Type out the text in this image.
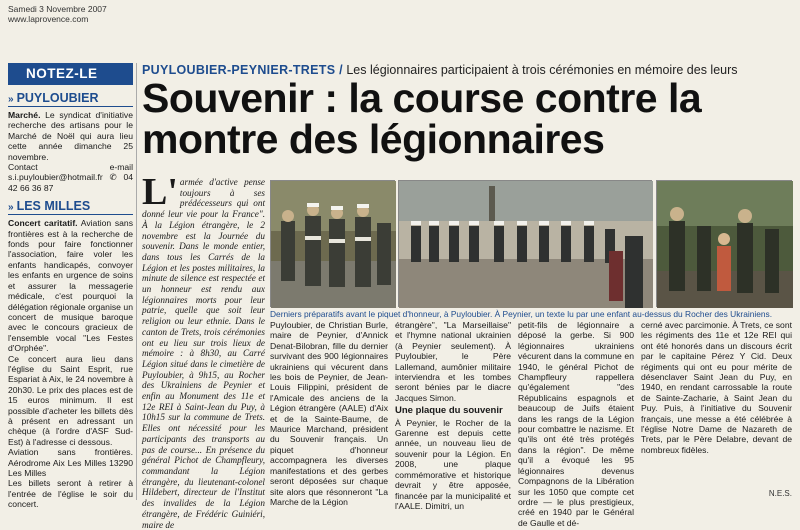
Samedi 3 Novembre 2007
www.laprovence.com
NOTEZ-LE
» PUYLOUBIER

Marché. Le syndicat d'initiative recherche des artisans pour le Marché de Noël qui aura lieu cette année dimanche 25 novembre.

Contact e-mail s.i.puyloubier@hotmail.fr ✆ 04 42 66 36 87

» LES MILLES

Concert caritatif. Aviation sans frontières est à la recherche de fonds pour faire fonctionner l'association, faire voler les enfants handicapés, convoyer les enfants en urgence de soins et assurer la messagerie médicale, c'est pourquoi la délégation régionale organise un concert de musique baroque avec le concours gracieux de l'ensemble vocal "Les Festes d'Orphée".

Ce concert aura lieu dans l'église du Saint Esprit, rue Espariat à Aix, le 24 novembre à 20h30. Le prix des places est de 15 euros minimum. Il est possible d'acheter les billets dès à présent en adressant un chèque (à l'ordre d'ASF Sud-Est) à l'adresse ci dessous.

Aviation sans frontières. Aérodrome Aix Les Milles 13290 Les Milles

Les billets seront à retirer à l'entrée de l'église le soir du concert.

PUYLOUBIER-PEYNIER-TRETS / Les légionnaires participaient à trois cérémonies en mémoire des leurs
Souvenir : la course contre la montre des légionnaires
L' armée d'active pense toujours à ses prédécesseurs qui ont donné leur vie pour la France". À la Légion étrangère, le 2 novembre est la Journée du souvenir. Dans le monde entier, dans tous les Carrés de la Légion et les postes militaires, la minute de silence est respectée et un honneur est rendu aux légionnaires morts pour leur patrie, quelle que soit leur religion ou leur ethnie. Dans le canton de Trets, trois cérémonies ont eu lieu sur trois lieux de mémoire : à 8h30, au Carré Légion situé dans le cimetière de Puyloubier, à 9h15, au Rocher des Ukrainiens de Peynier et enfin au Monument des 11e et 12e REI à Saint-Jean du Puy, à 10h15 sur la commune de Trets. Elles ont nécessité pour les participants des transports au pas de course... En présence du général Pichot de Champfleury, commandant la Légion étrangère, du lieutenant-colonel Hildebert, directeur de l'Institut des invalides de la Légion étrangère, de Frédéric Guiniéri, maire de
Derniers préparatifs avant le piquet d'honneur, à Puyloubier. À Peynier, un texte lu par une enfant au-dessus du Rocher des Ukrainiens.
Puyloubier, de Christian Burle, maire de Peynier, d'Annick Denat-Bilobran, fille du dernier survivant des 900 légionnaires ukrainiens qui vécurent dans les bois de Peynier, de Jean-Louis Filippini, président de l'Amicale des anciens de la Légion étrangère (AALE) d'Aix et de la Sainte-Baume, de Maurice Marchand, président du Souvenir français. Un piquet d'honneur accompagnera les diverses manifestations et des gerbes seront déposées sur chaque site alors que résonneront "La Marche de la Légion
étrangère", "La Marseillaise" et l'hymne national ukrainien (à Peynier seulement). À Puyloubier, le Père Lallemand, aumônier militaire interviendra et les tombes seront bénies par le diacre Jacques Simon.
Une plaque du souvenir
À Peynier, le Rocher de la Garenne est depuis cette année, un nouveau lieu de souvenir pour la Légion. En 2008, une plaque commémorative et historique devrait y être apposée, financée par la municipalité et l'AALE. Dimitri, un
petit-fils de légionnaire a déposé la gerbe. Si 900 légionnaires ukrainiens vécurent dans la commune en 1940, le général Pichot de Champfleury rappellera qu'également "des Républicains espagnols et beaucoup de Juifs étaient dans les rangs de la Légion pour combattre le nazisme. Et qu'ils ont été très protégés dans la région". De même qu'il a évoqué les 95 légionnaires devenus Compagnons de la Libération sur les 1050 que compte cet ordre — le plus prestigieux, créé en 1940 par le Général de Gaulle et dé-
cerné avec parcimonie. À Trets, ce sont les régiments des 11e et 12e REI qui ont été honorés dans un discours écrit par le capitaine Pérez Y Cid. Deux régiments qui ont eu pour mérite de désenclaver Saint Jean du Puy, en 1940, en rendant carrossable la route de Sainte-Zacharie, à Saint Jean du Puy. Puis, à l'initiative du Souvenir français, une messe a été célébrée à l'église Notre Dame de Nazareth de Trets, par le Père Delabre, devant de nombreux fidèles.
N.E.S.
